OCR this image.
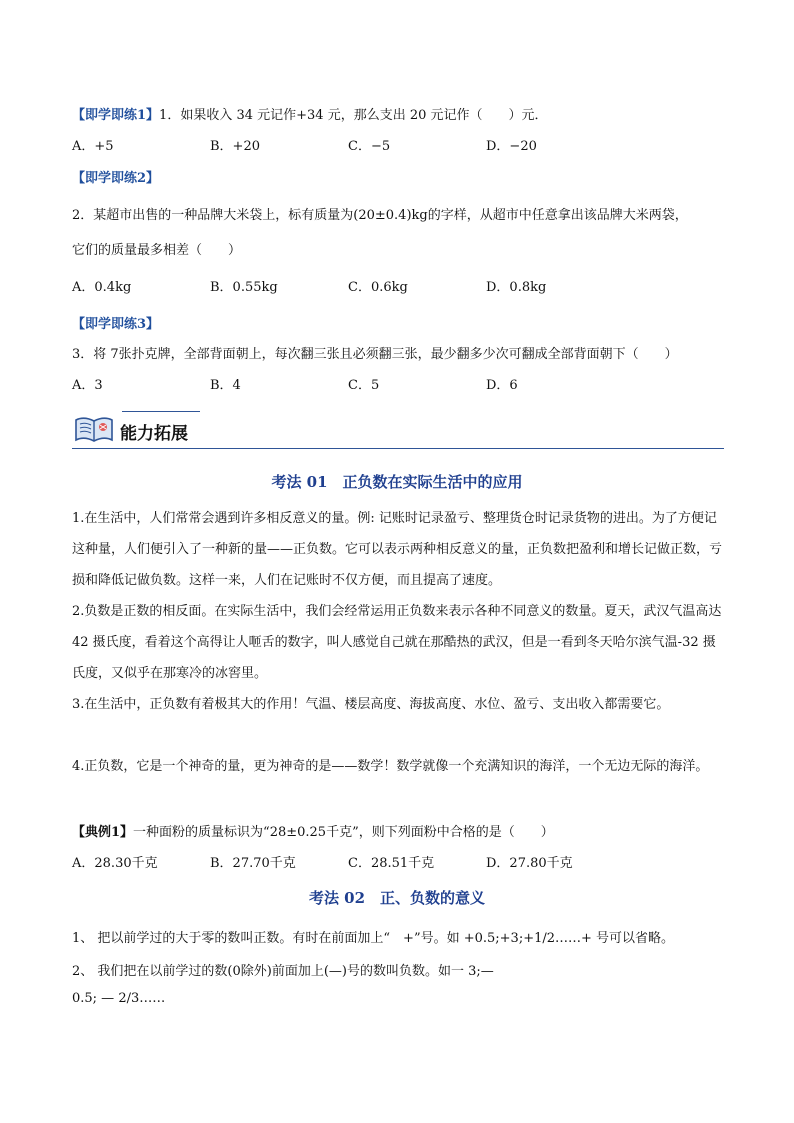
【即学即练1】1．如果收入 34 元记作+34 元，那么支出 20 元记作（　　）元．
A．+5	B．+20	C．−5	D．−20
【即学即练2】
2．某超市出售的一种品牌大米袋上，标有质量为(20±0.4)kg的字样，从超市中任意拿出该品牌大米两袋，
它们的质量最多相差（　　）
A．0.4kg	B．0.55kg	C．0.6kg	D．0.8kg
【即学即练3】
3．将 7张扑克牌，全部背面朝上，每次翻三张且必须翻三张，最少翻多少次可翻成全部背面朝下（　　）
A．3	B．4	C．5	D．6
能力拓展
考法 01　正负数在实际生活中的应用
1.在生活中，人们常常会遇到许多相反意义的量。例: 记账时记录盈亏、整理货仓时记录货物的进出。为了方便记这种量，人们便引入了一种新的量——正负数。它可以表示两种相反意义的量，正负数把盈利和增长记做正数，亏损和降低记做负数。这样一来，人们在记账时不仅方便，而且提高了速度。
2.负数是正数的相反面。在实际生活中，我们会经常运用正负数来表示各种不同意义的数量。夏天，武汉气温高达 42 摄氏度，看着这个高得让人咂舌的数字，叫人感觉自己就在那酷热的武汉，但是一看到冬天哈尔滨气温-32 摄氏度，又似乎在那寒冷的冰窖里。
3.在生活中，正负数有着极其大的作用！气温、楼层高度、海拔高度、水位、盈亏、支出收入都需要它。
4.正负数，它是一个神奇的量，更为神奇的是——数学！数学就像一个充满知识的海洋，一个无边无际的海洋。
【典例1】一种面粉的质量标识为“28±0.25千克”，则下列面粉中合格的是（　　）
A．28.30千克	B．27.70千克	C．28.51千克	D．27.80千克
考法 02　正、负数的意义
1、 把以前学过的大于零的数叫正数。有时在前面加上“　+”号。如 +0.5;+3;+1/2……+ 号可以省略。
2、 我们把在以前学过的数(0除外)前面加上(—)号的数叫负数。如一 3;—
0.5; — 2/3……
